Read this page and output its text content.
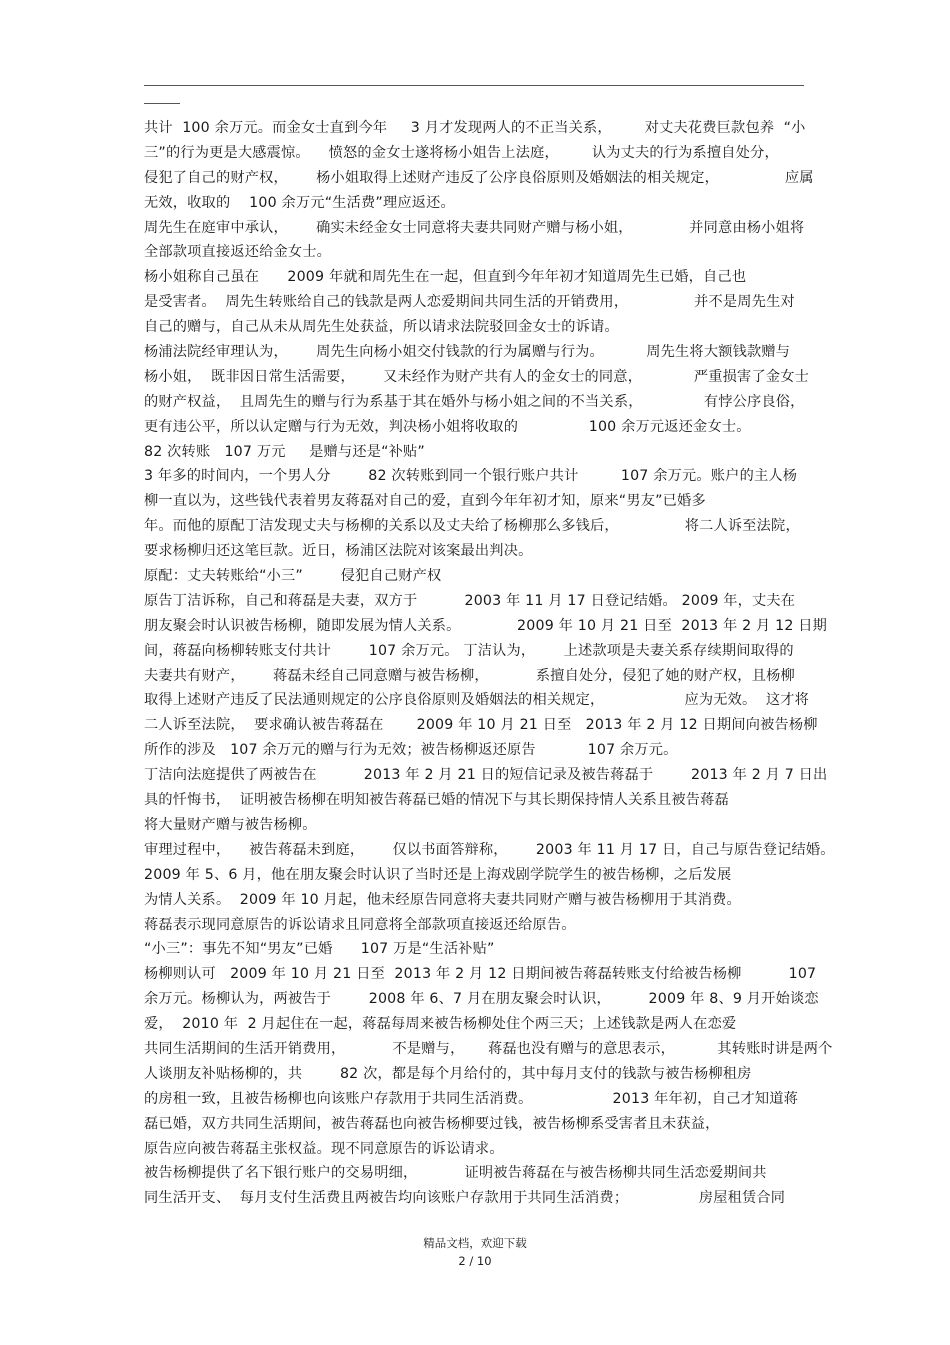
共计  100 余万元。而金女士直到今年     3 月才发现两人的不正当关系，       对丈夫花费巨款包养  “小
三”的行为更是大感震惊。    愤怒的金女士遂将杨小姐告上法庭，       认为丈夫的行为系擅自处分，
侵犯了自己的财产权，      杨小姐取得上述财产违反了公序良俗原则及婚姻法的相关规定，              应属
无效，收取的    100 余万元“生活费”理应返还。
周先生在庭审中承认，      确实未经金女士同意将夫妻共同财产赠与杨小姐，            并同意由杨小姐将
全部款项直接返还给金女士。
杨小姐称自己虽在      2009 年就和周先生在一起，但直到今年年初才知道周先生已婚，自己也
是受害者。  周先生转账给自己的钱款是两人恋爱期间共同生活的开销费用，              并不是周先生对
自己的赠与，自己从未从周先生处获益，所以请求法院驳回金女士的诉请。
杨浦法院经审理认为，      周先生向杨小姐交付钱款的行为属赠与行为。         周先生将大额钱款赠与
杨小姐，  既非因日常生活需要，      又未经作为财产共有人的金女士的同意，           严重损害了金女士
的财产权益，  且周先生的赠与行为系基于其在婚外与杨小姐之间的不当关系，             有悖公序良俗，
更有违公平，所以认定赠与行为无效，判决杨小姐将收取的               100 余万元返还金女士。
82 次转账   107 万元     是赠与还是“补贴”
3 年多的时间内，一个男人分        82 次转账到同一个银行账户共计         107 余万元。账户的主人杨
柳一直以为，这些钱代表着男友蒋磊对自己的爱，直到今年年初才知，原来“男友”已婚多
年。而他的原配丁洁发现丈夫与杨柳的关系以及丈夫给了杨柳那么多钱后，              将二人诉至法院，
要求杨柳归还这笔巨款。近日，杨浦区法院对该案最出判决。
原配：丈夫转账给“小三”        侵犯自己财产权
原告丁洁诉称，自己和蒋磊是夫妻，双方于          2003 年 11 月 17 日登记结婚。 2009 年，丈夫在
朋友聚会时认识被告杨柳，随即发展为情人关系。            2009 年 10 月 21 日至  2013 年 2 月 12 日期
间，蒋磊向杨柳转账支付共计        107 余万元。 丁洁认为，      上述款项是夫妻关系存续期间取得的
夫妻共有财产，      蒋磊未经自己同意赠与被告杨柳，          系擅自处分，侵犯了她的财产权，且杨柳
取得上述财产违反了民法通则规定的公序良俗原则及婚姻法的相关规定，                 应为无效。  这才将
二人诉至法院，  要求确认被告蒋磊在       2009 年 10 月 21 日至   2013 年 2 月 12 日期间向被告杨柳
所作的涉及   107 余万元的赠与行为无效；被告杨柳返还原告           107 余万元。
丁洁向法庭提供了两被告在          2013 年 2 月 21 日的短信记录及被告蒋磊于        2013 年 2 月 7 日出
具的忏悔书，  证明被告杨柳在明知被告蒋磊已婚的情况下与其长期保持情人关系且被告蒋磊
将大量财产赠与被告杨柳。
审理过程中，    被告蒋磊未到庭，      仅以书面答辩称，      2003 年 11 月 17 日，自己与原告登记结婚。
2009 年 5、6 月，他在朋友聚会时认识了当时还是上海戏剧学院学生的被告杨柳，之后发展
为情人关系。  2009 年 10 月起，他未经原告同意将夫妻共同财产赠与被告杨柳用于其消费。
蒋磊表示现同意原告的诉讼请求且同意将全部款项直接返还给原告。
“小三”：事先不知“男友”已婚      107 万是“生活补贴”
杨柳则认可   2009 年 10 月 21 日至  2013 年 2 月 12 日期间被告蒋磊转账支付给被告杨柳          107
余万元。杨柳认为，两被告于        2008 年 6、7 月在朋友聚会时认识，        2009 年 8、9 月开始谈恋
爱，  2010 年  2 月起住在一起，蒋磊每周来被告杨柳处住个两三天；上述钱款是两人在恋爱
共同生活期间的生活开销费用，          不是赠与，     蒋磊也没有赠与的意思表示，         其转账时讲是两个
人谈朋友补贴杨柳的，共        82 次，都是每个月给付的，其中每月支付的钱款与被告杨柳租房
的房租一致，且被告杨柳也向该账户存款用于共同生活消费。                 2013 年年初，自己才知道蒋
磊已婚，双方共同生活期间，被告蒋磊也向被告杨柳要过钱，被告杨柳系受害者且未获益，
原告应向被告蒋磊主张权益。现不同意原告的诉讼请求。
被告杨柳提供了名下银行账户的交易明细，          证明被告蒋磊在与被告杨柳共同生活恋爱期间共
同生活开支、  每月支付生活费且两被告均向该账户存款用于共同生活消费；               房屋租赁合同
精品文档，欢迎下载
2 / 10
